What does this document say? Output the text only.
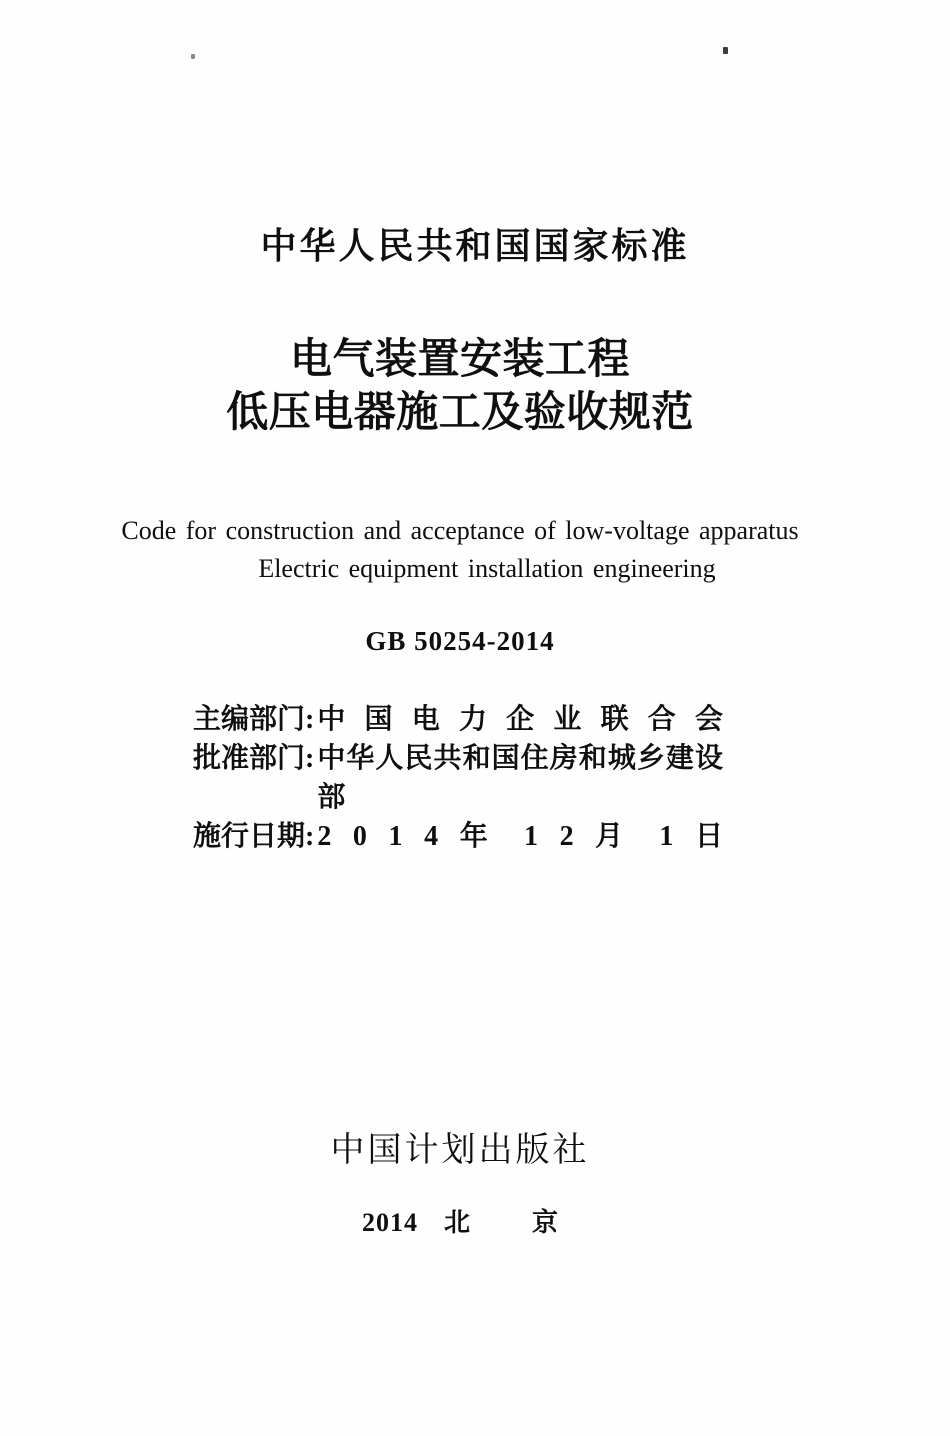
中华人民共和国国家标准
电气装置安装工程
低压电器施工及验收规范
Code for construction and acceptance of low-voltage apparatus
Electric equipment installation engineering
GB 50254-2014
主编部门: 中 国 电 力 企 业 联 合 会
批准部门: 中华人民共和国住房和城乡建设部
施行日期: 2 0 1 4 年 1 2 月 1 日
中国计划出版社
2014 北京
